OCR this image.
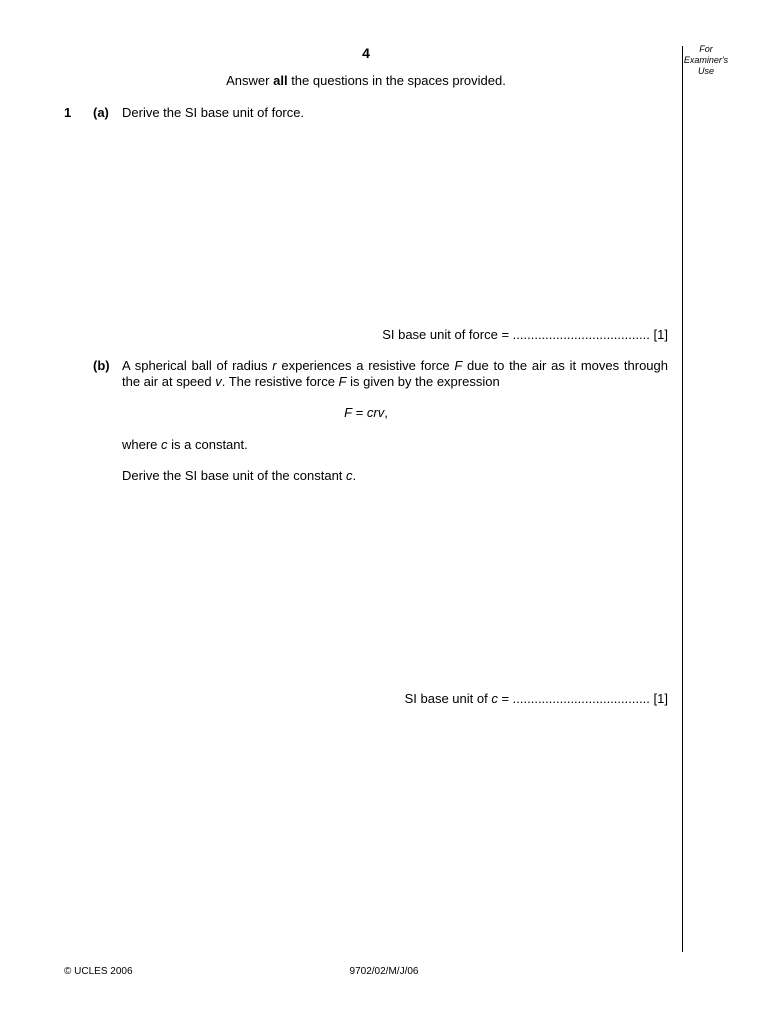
4
Answer all the questions in the spaces provided.
For
Examiner's
Use
1 (a) Derive the SI base unit of force.
SI base unit of force = ...................................... [1]
(b) A spherical ball of radius r experiences a resistive force F due to the air as it moves through the air at speed v. The resistive force F is given by the expression
F = crv,
where c is a constant.
Derive the SI base unit of the constant c.
SI base unit of c = ...................................... [1]
© UCLES 2006	9702/02/M/J/06
